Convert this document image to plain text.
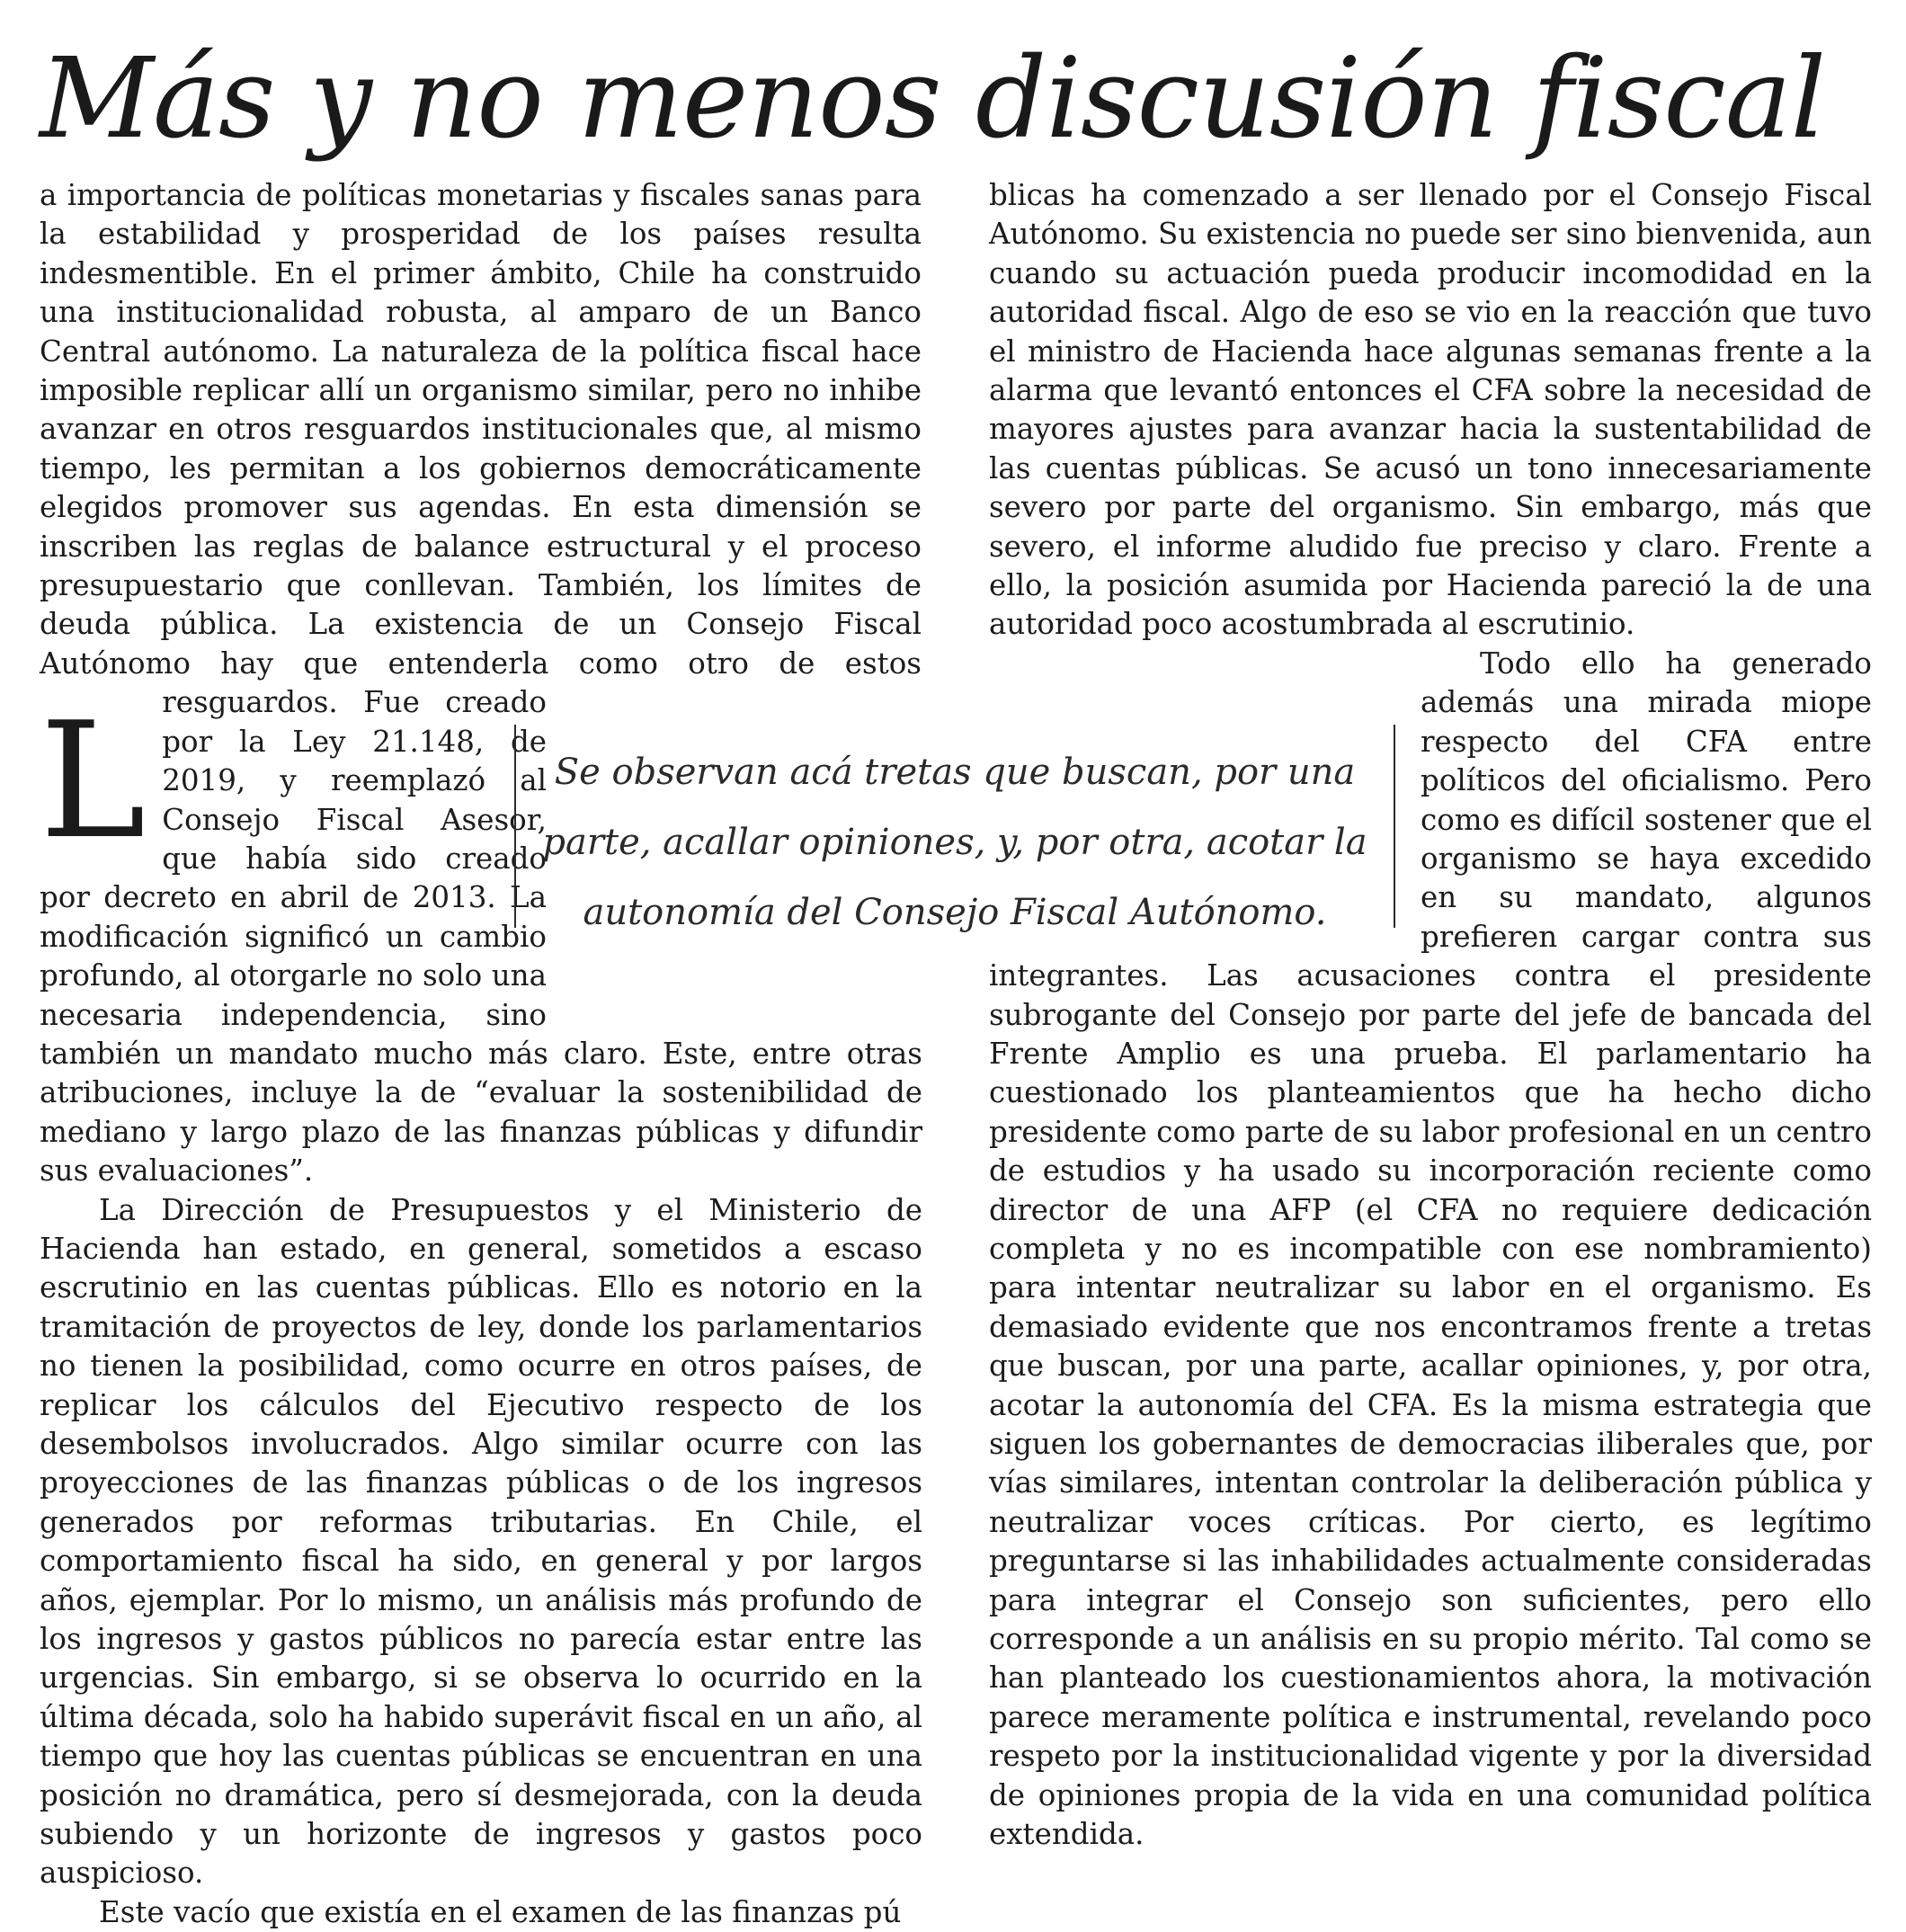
Más y no menos discusión fiscal

L
a importancia de políticas monetarias y fiscales sanas para la estabilidad y prosperidad de los países resulta indesmentible. En el primer ámbito, Chile ha construido una institucionalidad robusta, al amparo de un Banco Central autónomo. La naturaleza de la política fiscal hace imposible replicar allí un organismo similar, pero no inhibe avanzar en otros resguardos institucionales que, al mismo tiempo, les permitan a los gobiernos democráticamente elegidos promover sus agendas. En esta dimensión se inscriben las reglas de balance estructural y el proceso presupuestario que conllevan. También, los límites de deuda pública. La existencia de un Consejo Fiscal Autónomo hay que entenderla como otro de estos resguardos. Fue creado por la Ley 21.148, de 2019, y reemplazó al Consejo Fiscal Asesor, que había sido creado por decreto en abril de 2013. La modificación significó un cambio profundo, al otorgarle no solo una necesaria independencia, sino también un mandato mucho más claro. Este, entre otras atribuciones, incluye la de “evaluar la sostenibilidad de mediano y largo plazo de las finanzas públicas y difundir sus evaluaciones”.

La Dirección de Presupuestos y el Ministerio de Hacienda han estado, en general, sometidos a escaso escrutinio en las cuentas públicas. Ello es notorio en la tramitación de proyectos de ley, donde los parlamentarios no tienen la posibilidad, como ocurre en otros países, de replicar los cálculos del Ejecutivo respecto de los desembolsos involucrados. Algo similar ocurre con las proyecciones de las finanzas públicas o de los ingresos generados por reformas tributarias. En Chile, el comportamiento fiscal ha sido, en general y por largos años, ejemplar. Por lo mismo, un análisis más profundo de los ingresos y gastos públicos no parecía estar entre las urgencias. Sin embargo, si se observa lo ocurrido en la última década, solo ha habido superávit fiscal en un año, al tiempo que hoy las cuentas públicas se encuentran en una posición no dramática, pero sí desmejorada, con la deuda subiendo y un horizonte de ingresos y gastos poco auspicioso.

Este vacío que existía en el examen de las finanzas pú

blicas ha comenzado a ser llenado por el Consejo Fiscal Autónomo. Su existencia no puede ser sino bienvenida, aun cuando su actuación pueda producir incomodidad en la autoridad fiscal. Algo de eso se vio en la reacción que tuvo el ministro de Hacienda hace algunas semanas frente a la alarma que levantó entonces el CFA sobre la necesidad de mayores ajustes para avanzar hacia la sustentabilidad de las cuentas públicas. Se acusó un tono innecesariamente severo por parte del organismo. Sin embargo, más que severo, el informe aludido fue preciso y claro. Frente a ello, la posición asumida por Hacienda pareció la de una autoridad poco acostumbrada al escrutinio.

Todo ello ha generado además una mirada miope respecto del CFA entre políticos del oficialismo. Pero como es difícil sostener que el organismo se haya excedido en su mandato, algunos prefieren cargar contra sus integrantes. Las acusaciones contra el presidente subrogante del Consejo por parte del jefe de bancada del Frente Amplio es una prueba. El parlamentario ha cuestionado los planteamientos que ha hecho dicho presidente como parte de su labor profesional en un centro de estudios y ha usado su incorporación reciente como director de una AFP (el CFA no requiere dedicación completa y no es incompatible con ese nombramiento) para intentar neutralizar su labor en el organismo. Es demasiado evidente que nos encontramos frente a tretas que buscan, por una parte, acallar opiniones, y, por otra, acotar la autonomía del CFA. Es la misma estrategia que siguen los gobernantes de democracias iliberales que, por vías similares, intentan controlar la deliberación pública y neutralizar voces críticas. Por cierto, es legítimo preguntarse si las inhabilidades actualmente consideradas para integrar el Consejo son suficientes, pero ello corresponde a un análisis en su propio mérito. Tal como se han planteado los cuestionamientos ahora, la motivación parece meramente política e instrumental, revelando poco respeto por la institucionalidad vigente y por la diversidad de opiniones propia de la vida en una comunidad política extendida.

Se observan acá tretas que buscan, por una
parte, acallar opiniones, y, por otra, acotar la
autonomía del Consejo Fiscal Autónomo.
